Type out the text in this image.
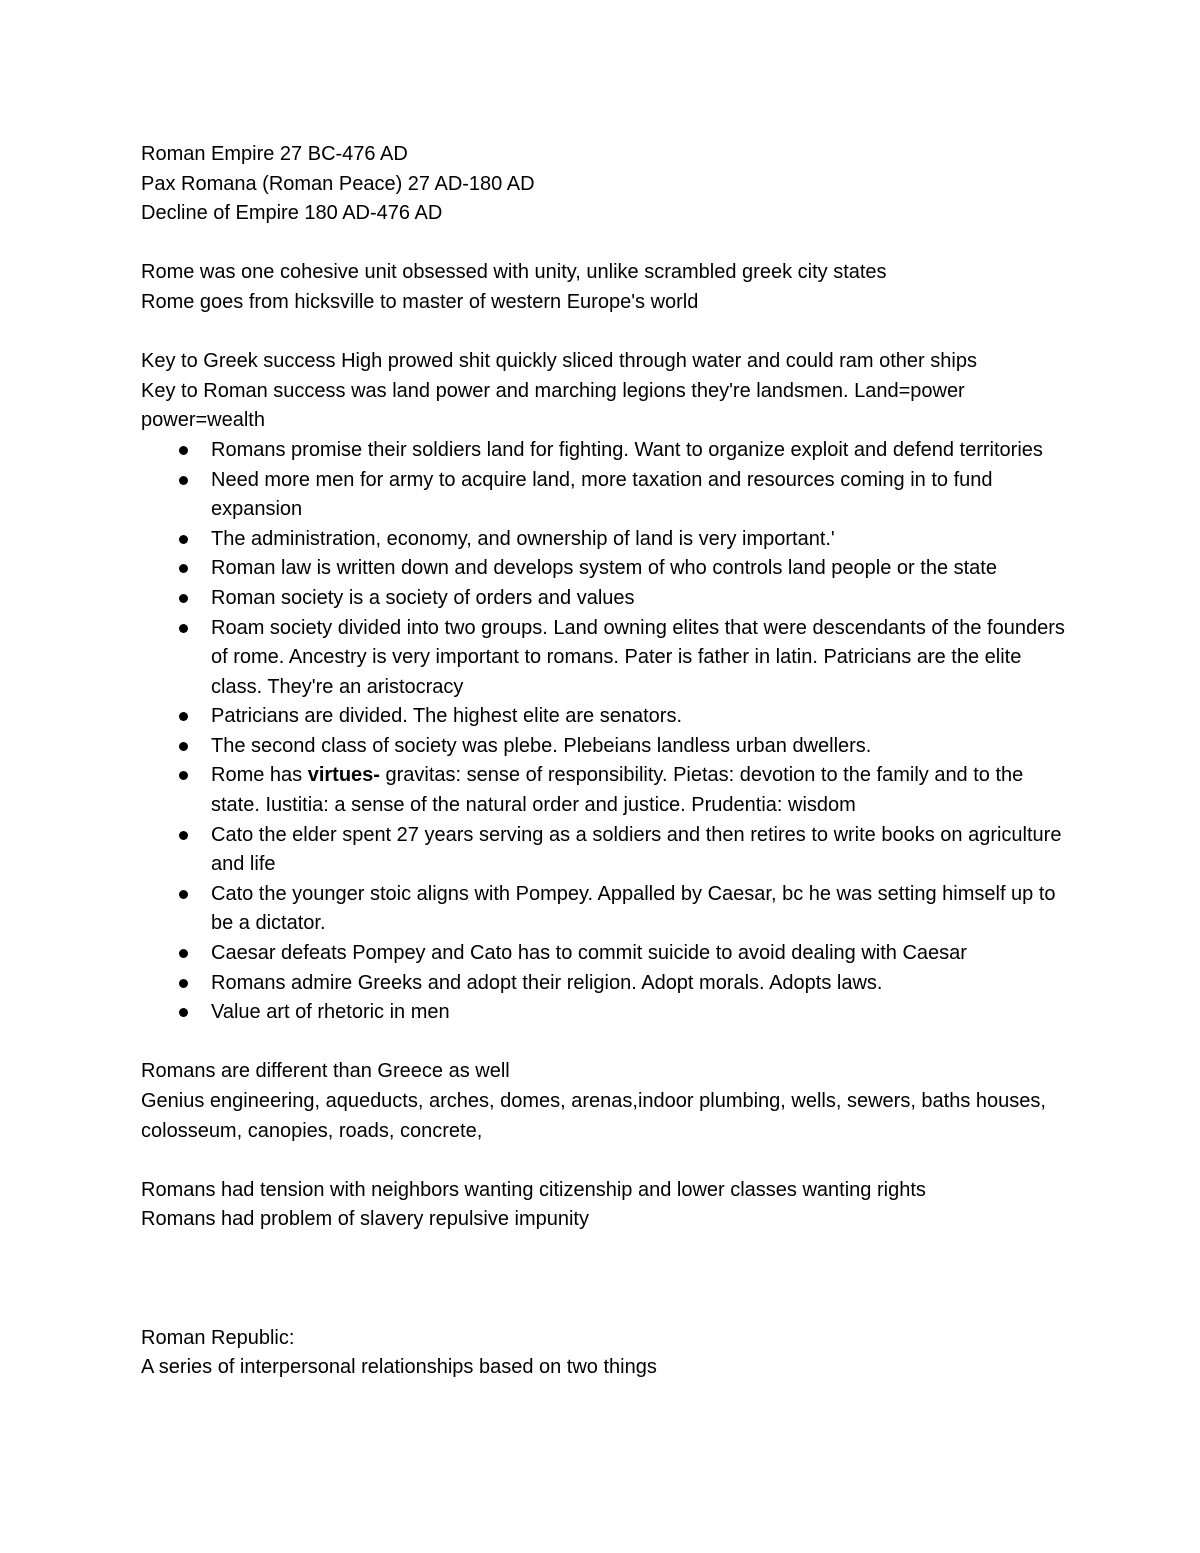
Roman Empire 27 BC-476 AD

Pax Romana (Roman Peace) 27 AD-180 AD

Decline of Empire 180 AD-476 AD

Rome was one cohesive unit obsessed with unity, unlike scrambled greek city states

Rome goes from hicksville to master of western Europe's world

Key to Greek success High prowed shit quickly sliced through water and could ram other ships

Key to Roman success was land power and marching legions they're landsmen. Land=power power=wealth

Romans promise their soldiers land for fighting. Want to organize exploit and defend territories
Need more men for army to acquire land, more taxation and resources coming in to fund expansion
The administration, economy, and ownership of land is very important.'
Roman law is written down and develops system of who controls land people or the state
Roman society is a society of orders and values
Roam society divided into two groups. Land owning elites that were descendants of the founders of rome. Ancestry is very important to romans. Pater is father in latin. Patricians are the elite class. They're an aristocracy
Patricians are divided. The highest elite are senators.
The second class of society was plebe. Plebeians landless urban dwellers.
Rome has virtues- gravitas: sense of responsibility. Pietas: devotion to the family and to the state. Iustitia: a sense of the natural order and justice. Prudentia: wisdom
Cato the elder spent 27 years serving as a soldiers and then retires to write books on agriculture and life
Cato the younger stoic aligns with Pompey. Appalled by Caesar, bc he was setting himself up to be a dictator.
Caesar defeats Pompey and Cato has to commit suicide to avoid dealing with Caesar
Romans admire Greeks and adopt their religion. Adopt morals. Adopts laws.
Value art of rhetoric in men

Romans are different than Greece as well

Genius engineering, aqueducts, arches, domes, arenas,indoor plumbing, wells, sewers, baths houses, colosseum, canopies, roads, concrete,

Romans had tension with neighbors wanting citizenship and lower classes wanting rights

Romans had problem of slavery repulsive impunity

Roman Republic:

A series of interpersonal relationships based on two things
